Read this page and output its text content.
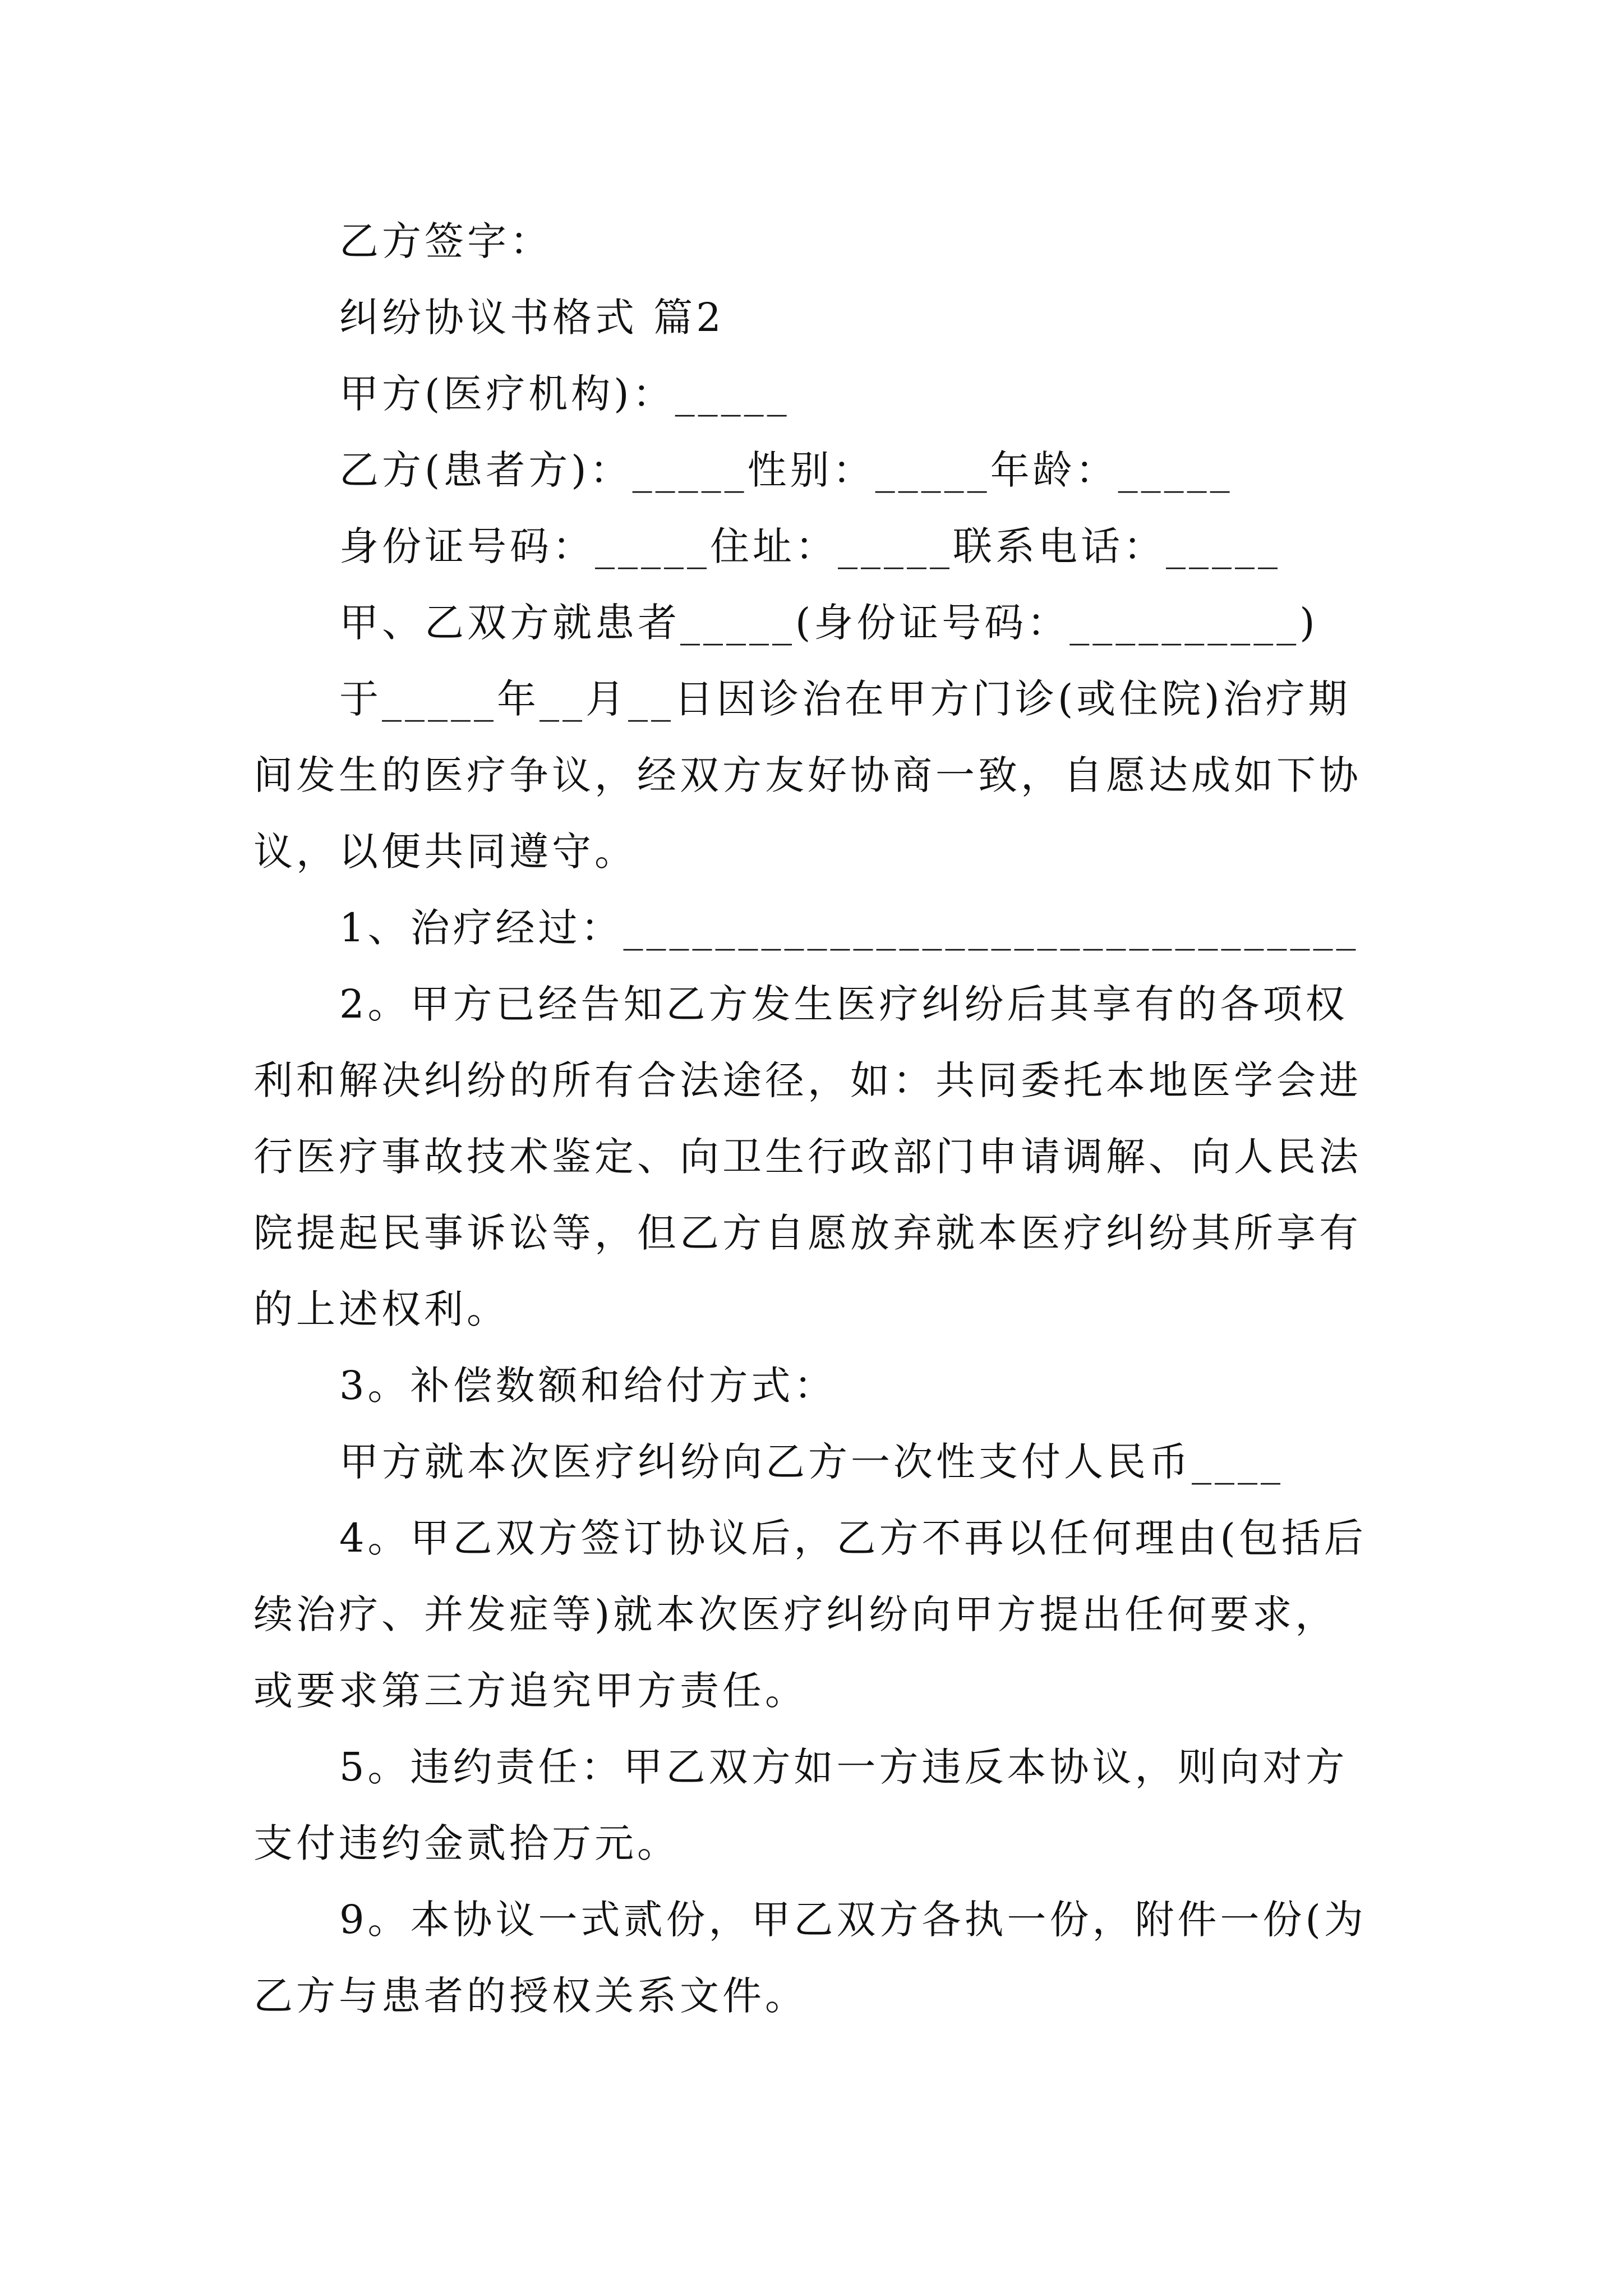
乙方签字：
纠纷协议书格式 篇2
甲方(医疗机构)：_____
乙方(患者方)：_____性别：_____年龄：_____
身份证号码：_____住址：_____联系电话：_____
甲、乙双方就患者_____(身份证号码：__________)
于_____年__月__日因诊治在甲方门诊(或住院)治疗期
间发生的医疗争议，经双方友好协商一致，自愿达成如下协
议，以便共同遵守。
1、治疗经过：________________________________
2。甲方已经告知乙方发生医疗纠纷后其享有的各项权
利和解决纠纷的所有合法途径，如：共同委托本地医学会进
行医疗事故技术鉴定、向卫生行政部门申请调解、向人民法
院提起民事诉讼等，但乙方自愿放弃就本医疗纠纷其所享有
的上述权利。
3。补偿数额和给付方式：
甲方就本次医疗纠纷向乙方一次性支付人民币____
4。甲乙双方签订协议后，乙方不再以任何理由(包括后
续治疗、并发症等)就本次医疗纠纷向甲方提出任何要求，
或要求第三方追究甲方责任。
5。违约责任：甲乙双方如一方违反本协议，则向对方
支付违约金贰拾万元。
9。本协议一式贰份，甲乙双方各执一份，附件一份(为
乙方与患者的授权关系文件。
